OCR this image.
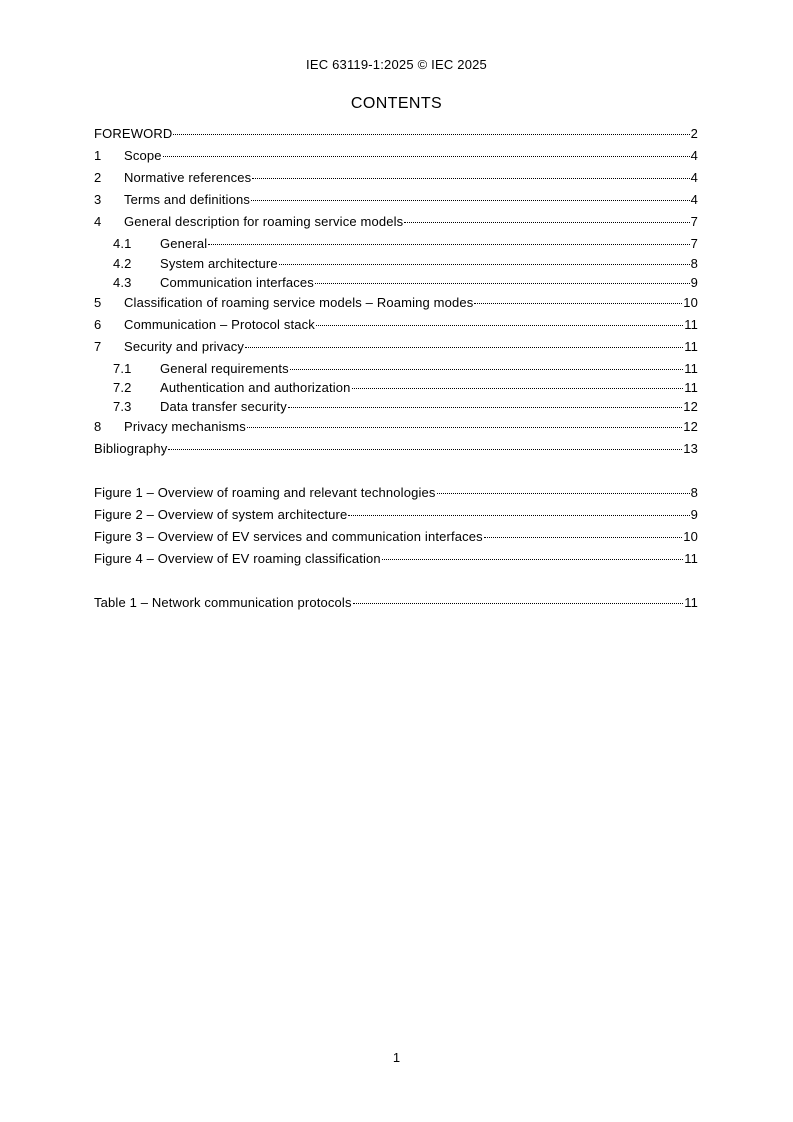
IEC 63119-1:2025 © IEC 2025
CONTENTS
FOREWORD	2
1	Scope	4
2	Normative references	4
3	Terms and definitions	4
4	General description for roaming service models	7
4.1	General	7
4.2	System architecture	8
4.3	Communication interfaces	9
5	Classification of roaming service models – Roaming modes	10
6	Communication – Protocol stack	11
7	Security and privacy	11
7.1	General requirements	11
7.2	Authentication and authorization	11
7.3	Data transfer security	12
8	Privacy mechanisms	12
Bibliography	13
Figure 1 – Overview of roaming and relevant technologies	8
Figure 2 – Overview of system architecture	9
Figure 3 – Overview of EV services and communication interfaces	10
Figure 4 – Overview of EV roaming classification	11
Table 1 – Network communication protocols	11
1
